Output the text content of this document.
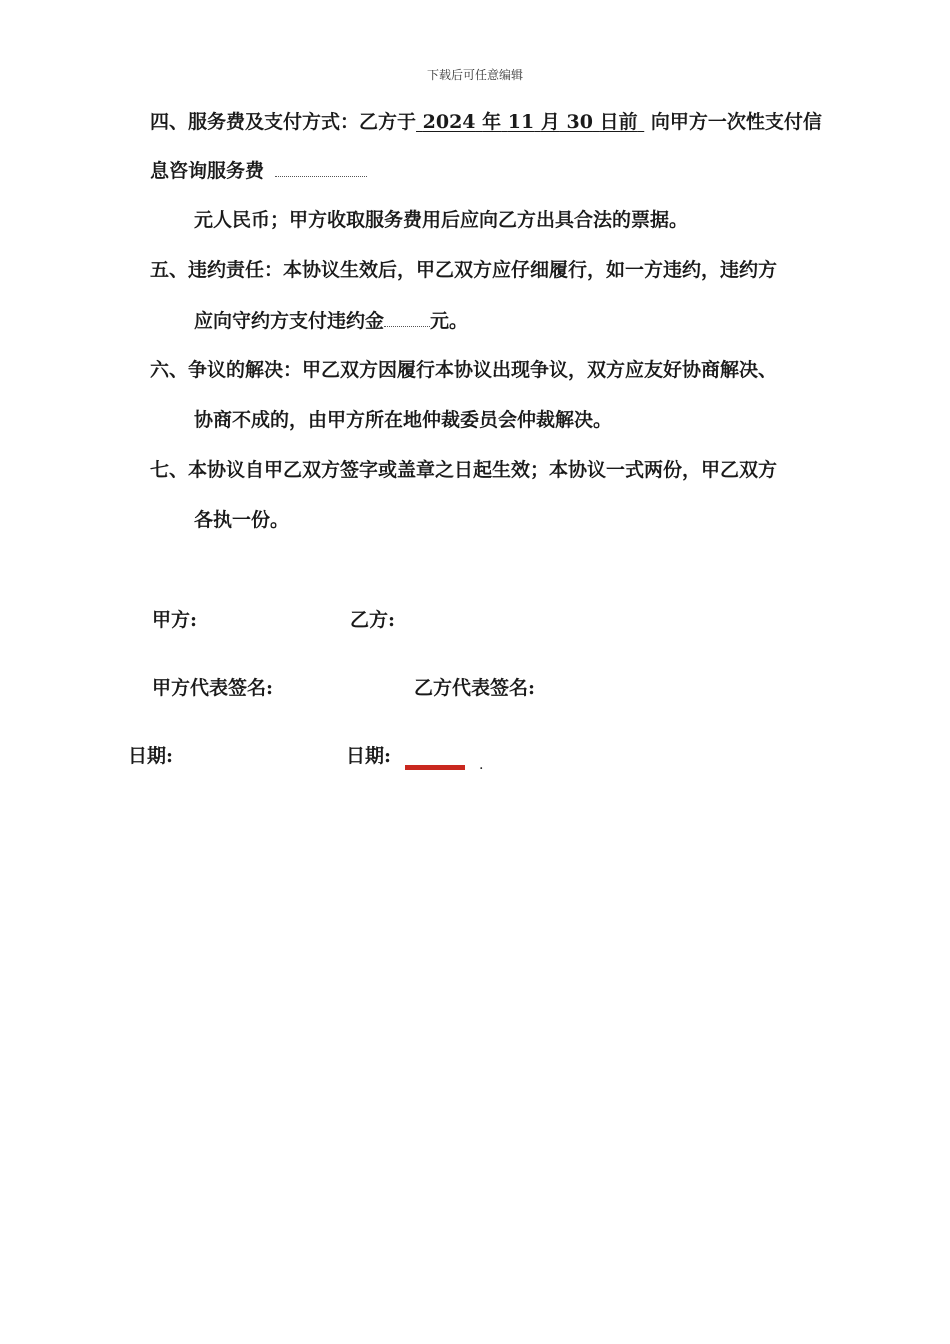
下载后可任意编辑
四、服务费及支付方式：乙方于 2024 年 11 月 30 日前 向甲方一次性支付信
息咨询服务费
元人民币；甲方收取服务费用后应向乙方出具合法的票据。
五、违约责任：本协议生效后，甲乙双方应仔细履行，如一方违约，违约方
应向守约方支付违约金 元。
六、争议的解决：甲乙双方因履行本协议出现争议，双方应友好协商解决、
协商不成的，由甲方所在地仲裁委员会仲裁解决。
七、本协议自甲乙双方签字或盖章之日起生效；本协议一式两份，甲乙双方
各执一份。
甲方:	乙方:
甲方代表签名:	乙方代表签名:
日期:	日期:	.
